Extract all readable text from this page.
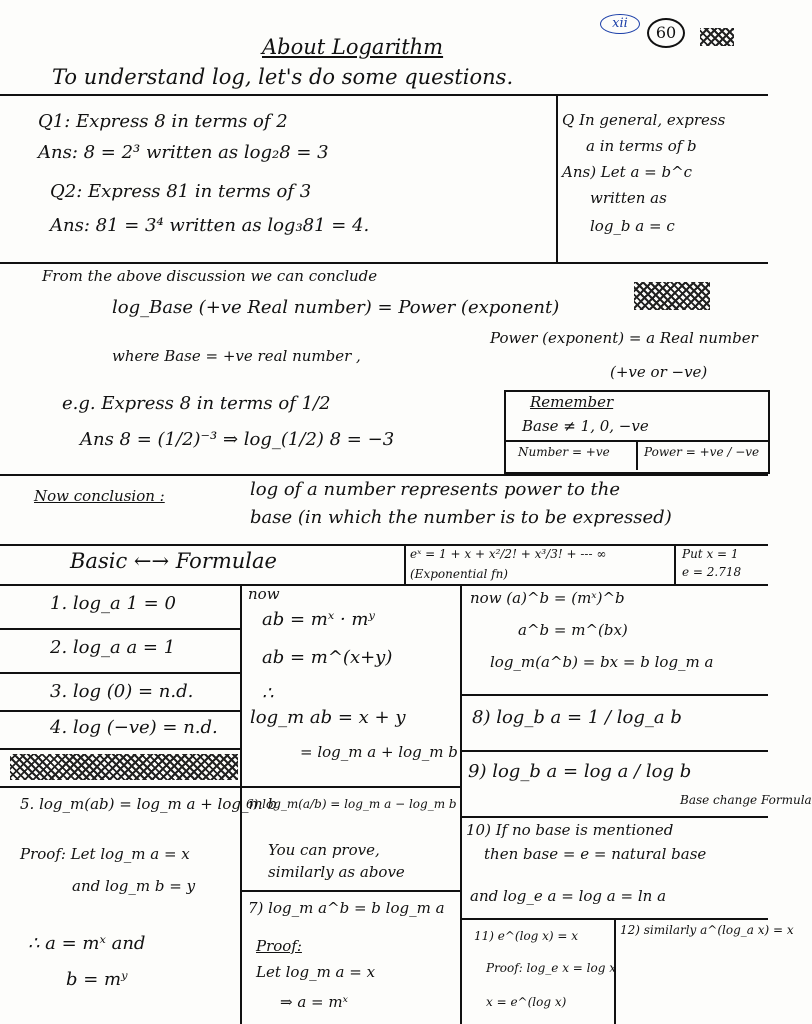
xii	60
About Logarithm
To understand log, let's do some questions.
Q1: Express 8 in terms of 2
Ans: 8 = 2³ written as log₂8 = 3
Q2: Express 81 in terms of 3
Ans: 81 = 3⁴ written as log₃81 = 4.
Q In general, express
a in terms of b
Ans) Let a = b^c
written as
log_b a = c
From the above discussion we can conclude
log_Base (+ve Real number) = Power (exponent)
where Base = +ve real number ,
Power (exponent) = a Real number
(+ve or −ve)
e.g. Express 8 in terms of 1/2
Ans 8 = (1/2)⁻³ ⇒ log_(1/2) 8 = −3
Remember
Base ≠ 1, 0, −ve
Number = +ve	Power = +ve / −ve
Now conclusion :	log of a number represents power to the
base (in which the number is to be expressed)
Basic ←→ Formulae	eˣ = 1 + x + x²/2! + x³/3! + --- ∞
(Exponential fn)
Put x = 1
e = 2.718
1. log_a 1 = 0
2. log_a a = 1
3. log (0) = n.d.
4. log (−ve) = n.d.
5. log_m(ab) = log_m a + log_m b
Proof: Let log_m a = x
and log_m b = y
∴ a = mˣ and
b = mʸ
now
ab = mˣ · mʸ
ab = m^(x+y)
∴
log_m ab = x + y
= log_m a + log_m b
6) log_m(a/b) = log_m a − log_m b
You can prove,
similarly as above
7) log_m a^b = b log_m a
Proof:
Let log_m a = x
⇒ a = mˣ
now (a)^b = (mˣ)^b
a^b = m^(bx)
log_m(a^b) = bx = b log_m a
8) log_b a = 1 / log_a b
9) log_b a = log a / log b
Base change Formula
10) If no base is mentioned
then base = e = natural base
and log_e a = log a = ln a
11) e^(log x) = x
Proof: log_e x = log x
x = e^(log x)
12) similarly a^(log_a x) = x
